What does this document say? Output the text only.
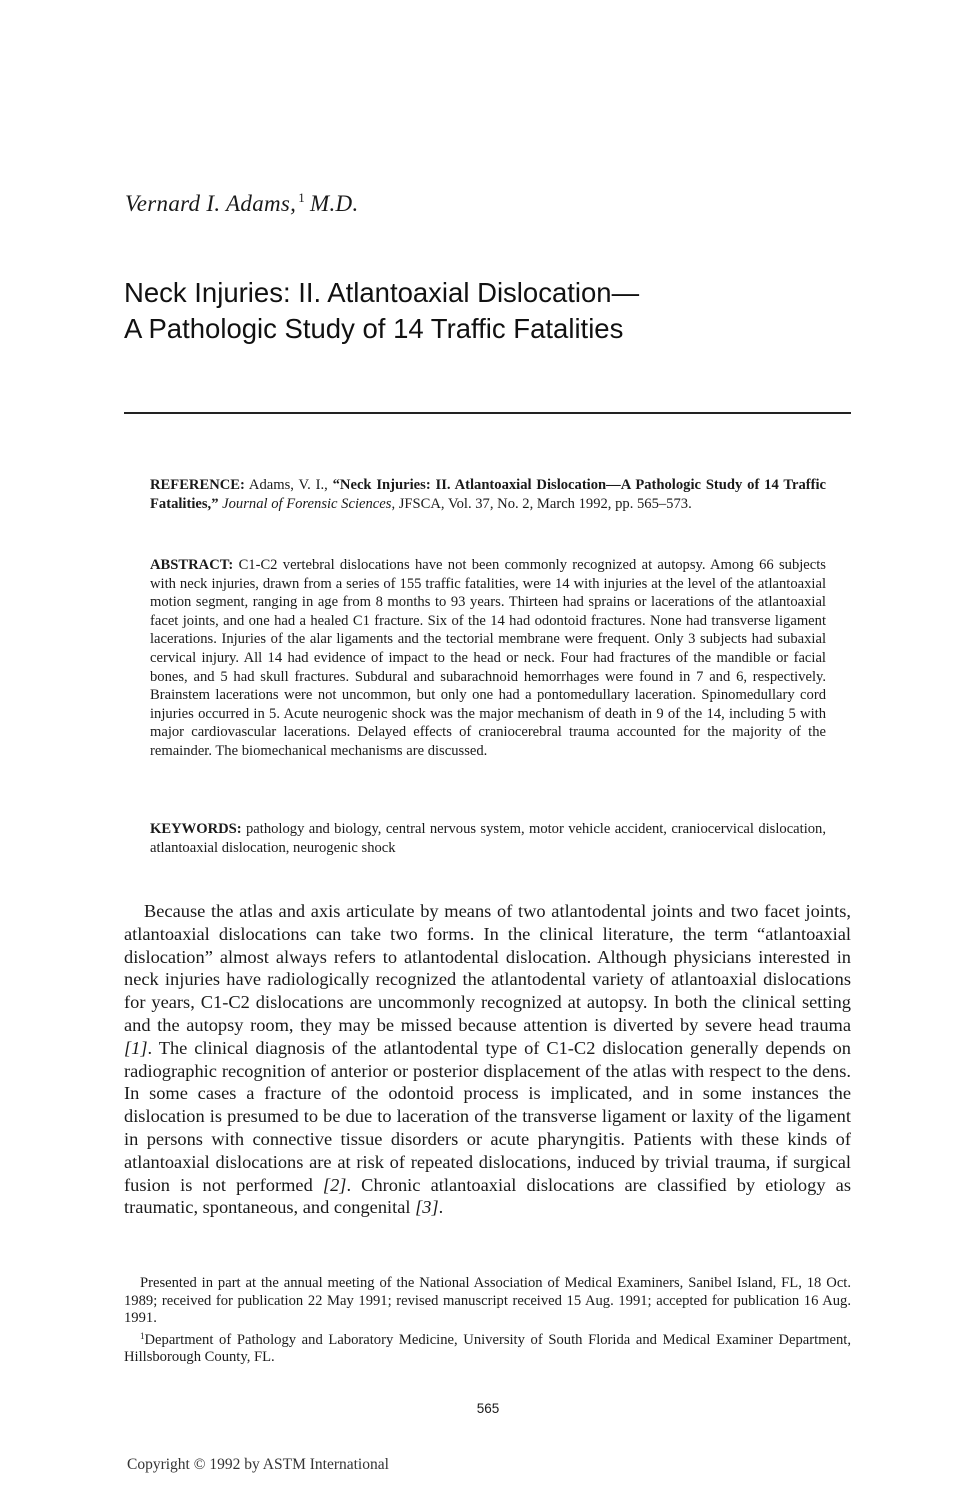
Vernard I. Adams, $^1$ M.D.
Neck Injuries: II. Atlantoaxial Dislocation—
A Pathologic Study of 14 Traffic Fatalities
REFERENCE: Adams, V. I., “Neck Injuries: II. Atlantoaxial Dislocation—A Pathologic Study of 14 Traffic Fatalities,” Journal of Forensic Sciences, JFSCA, Vol. 37, No. 2, March 1992, pp. 565–573.
ABSTRACT: C1-C2 vertebral dislocations have not been commonly recognized at autopsy. Among 66 subjects with neck injuries, drawn from a series of 155 traffic fatalities, were 14 with injuries at the level of the atlantoaxial motion segment, ranging in age from 8 months to 93 years. Thirteen had sprains or lacerations of the atlantoaxial facet joints, and one had a healed C1 fracture. Six of the 14 had odontoid fractures. None had transverse ligament lacerations. Injuries of the alar ligaments and the tectorial membrane were frequent. Only 3 subjects had subaxial cervical injury. All 14 had evidence of impact to the head or neck. Four had fractures of the mandible or facial bones, and 5 had skull fractures. Subdural and subarachnoid hemorrhages were found in 7 and 6, respectively. Brainstem lacerations were not uncommon, but only one had a pontomedullary laceration. Spinomedullary cord injuries occurred in 5. Acute neurogenic shock was the major mechanism of death in 9 of the 14, including 5 with major cardiovascular lacerations. Delayed effects of craniocerebral trauma accounted for the majority of the remainder. The biomechanical mechanisms are discussed.
KEYWORDS: pathology and biology, central nervous system, motor vehicle accident, craniocervical dislocation, atlantoaxial dislocation, neurogenic shock
Because the atlas and axis articulate by means of two atlantodental joints and two facet joints, atlantoaxial dislocations can take two forms. In the clinical literature, the term “atlantoaxial dislocation” almost always refers to atlantodental dislocation. Although physicians interested in neck injuries have radiologically recognized the atlantodental variety of atlantoaxial dislocations for years, C1-C2 dislocations are uncommonly recognized at autopsy. In both the clinical setting and the autopsy room, they may be missed because attention is diverted by severe head trauma [1]. The clinical diagnosis of the atlantodental type of C1-C2 dislocation generally depends on radiographic recognition of anterior or posterior displacement of the atlas with respect to the dens. In some cases a fracture of the odontoid process is implicated, and in some instances the dislocation is presumed to be due to laceration of the transverse ligament or laxity of the ligament in persons with connective tissue disorders or acute pharyngitis. Patients with these kinds of atlantoaxial dislocations are at risk of repeated dislocations, induced by trivial trauma, if surgical fusion is not performed [2]. Chronic atlantoaxial dislocations are classified by etiology as traumatic, spontaneous, and congenital [3].

Presented in part at the annual meeting of the National Association of Medical Examiners, Sanibel Island, FL, 18 Oct. 1989; received for publication 22 May 1991; revised manuscript received 15 Aug. 1991; accepted for publication 16 Aug. 1991.

$^1$Department of Pathology and Laboratory Medicine, University of South Florida and Medical Examiner Department, Hillsborough County, FL.

565
Copyright © 1992 by ASTM International
